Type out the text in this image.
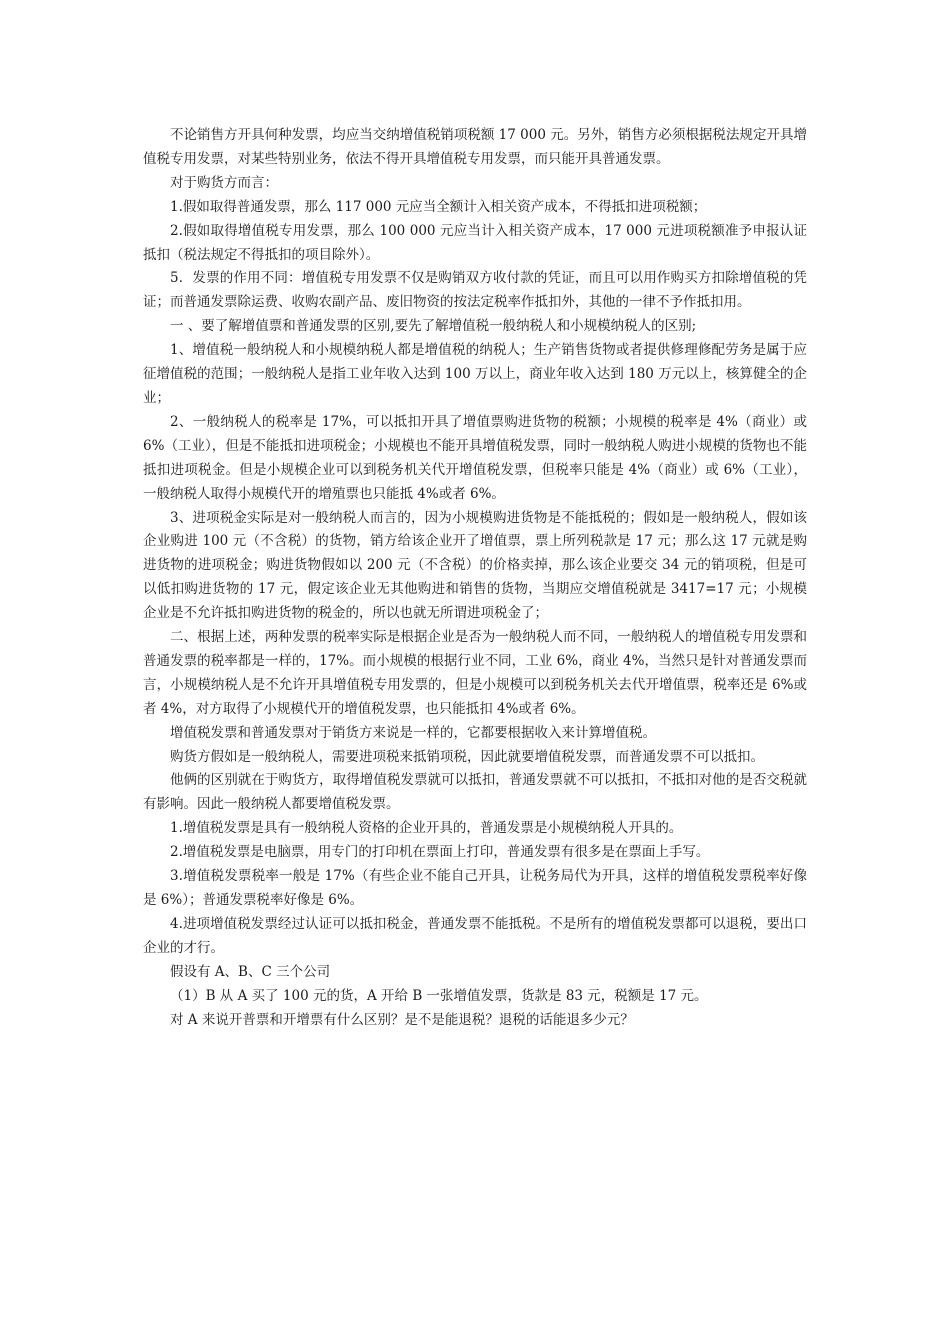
不论销售方开具何种发票，均应当交纳增值税销项税额 17 000 元。另外，销售方必须根据税法规定开具增值税专用发票，对某些特别业务，依法不得开具增值税专用发票，而只能开具普通发票。

对于购货方而言：

1.假如取得普通发票，那么 117 000 元应当全额计入相关资产成本，不得抵扣进项税额；

2.假如取得增值税专用发票，那么 100 000 元应当计入相关资产成本，17 000 元进项税额准予申报认证抵扣（税法规定不得抵扣的项目除外）。

5．发票的作用不同：增值税专用发票不仅是购销双方收付款的凭证，而且可以用作购买方扣除增值税的凭证；而普通发票除运费、收购农副产品、废旧物资的按法定税率作抵扣外，其他的一律不予作抵扣用。

一 、要了解增值票和普通发票的区别,要先了解增值税一般纳税人和小规模纳税人的区别;

1、增值税一般纳税人和小规模纳税人都是增值税的纳税人；生产销售货物或者提供修理修配劳务是属于应征增值税的范围；一般纳税人是指工业年收入达到 100 万以上，商业年收入达到 180 万元以上，核算健全的企业；

2、一般纳税人的税率是 17%，可以抵扣开具了增值票购进货物的税额；小规模的税率是 4%（商业）或 6%（工业），但是不能抵扣进项税金；小规模也不能开具增值税发票，同时一般纳税人购进小规模的货物也不能抵扣进项税金。但是小规模企业可以到税务机关代开增值税发票，但税率只能是 4%（商业）或 6%（工业），一般纳税人取得小规模代开的增殖票也只能抵 4%或者 6%。

3、进项税金实际是对一般纳税人而言的，因为小规模购进货物是不能抵税的；假如是一般纳税人，假如该企业购进 100 元（不含税）的货物，销方给该企业开了增值票，票上所列税款是 17 元；那么这 17 元就是购进货物的进项税金；购进货物假如以 200 元（不含税）的价格卖掉，那么该企业要交 34 元的销项税，但是可以低扣购进货物的 17 元，假定该企业无其他购进和销售的货物，当期应交增值税就是 3417=17 元；小规模企业是不允许抵扣购进货物的税金的，所以也就无所谓进项税金了；

二、根据上述，两种发票的税率实际是根据企业是否为一般纳税人而不同，一般纳税人的增值税专用发票和普通发票的税率都是一样的，17%。而小规模的根据行业不同，工业 6%，商业 4%，当然只是针对普通发票而言，小规模纳税人是不允许开具增值税专用发票的，但是小规模可以到税务机关去代开增值票，税率还是 6%或者 4%，对方取得了小规模代开的增值税发票，也只能抵扣 4%或者 6%。

增值税发票和普通发票对于销货方来说是一样的，它都要根据收入来计算增值税。

购货方假如是一般纳税人，需要进项税来抵销项税，因此就要增值税发票，而普通发票不可以抵扣。

他俩的区别就在于购货方，取得增值税发票就可以抵扣，普通发票就不可以抵扣，不抵扣对他的是否交税就有影响。因此一般纳税人都要增值税发票。

1.增值税发票是具有一般纳税人资格的企业开具的，普通发票是小规模纳税人开具的。

2.增值税发票是电脑票，用专门的打印机在票面上打印，普通发票有很多是在票面上手写。

3.增值税发票税率一般是 17%（有些企业不能自己开具，让税务局代为开具，这样的增值税发票税率好像是 6%）；普通发票税率好像是 6%。

4.进项增值税发票经过认证可以抵扣税金，普通发票不能抵税。不是所有的增值税发票都可以退税，要出口企业的才行。

假设有 A、B、C 三个公司

（1）B 从 A 买了 100 元的货，A 开给 B 一张增值发票，货款是 83 元，税额是 17 元。

对 A 来说开普票和开增票有什么区别？是不是能退税？退税的话能退多少元？
